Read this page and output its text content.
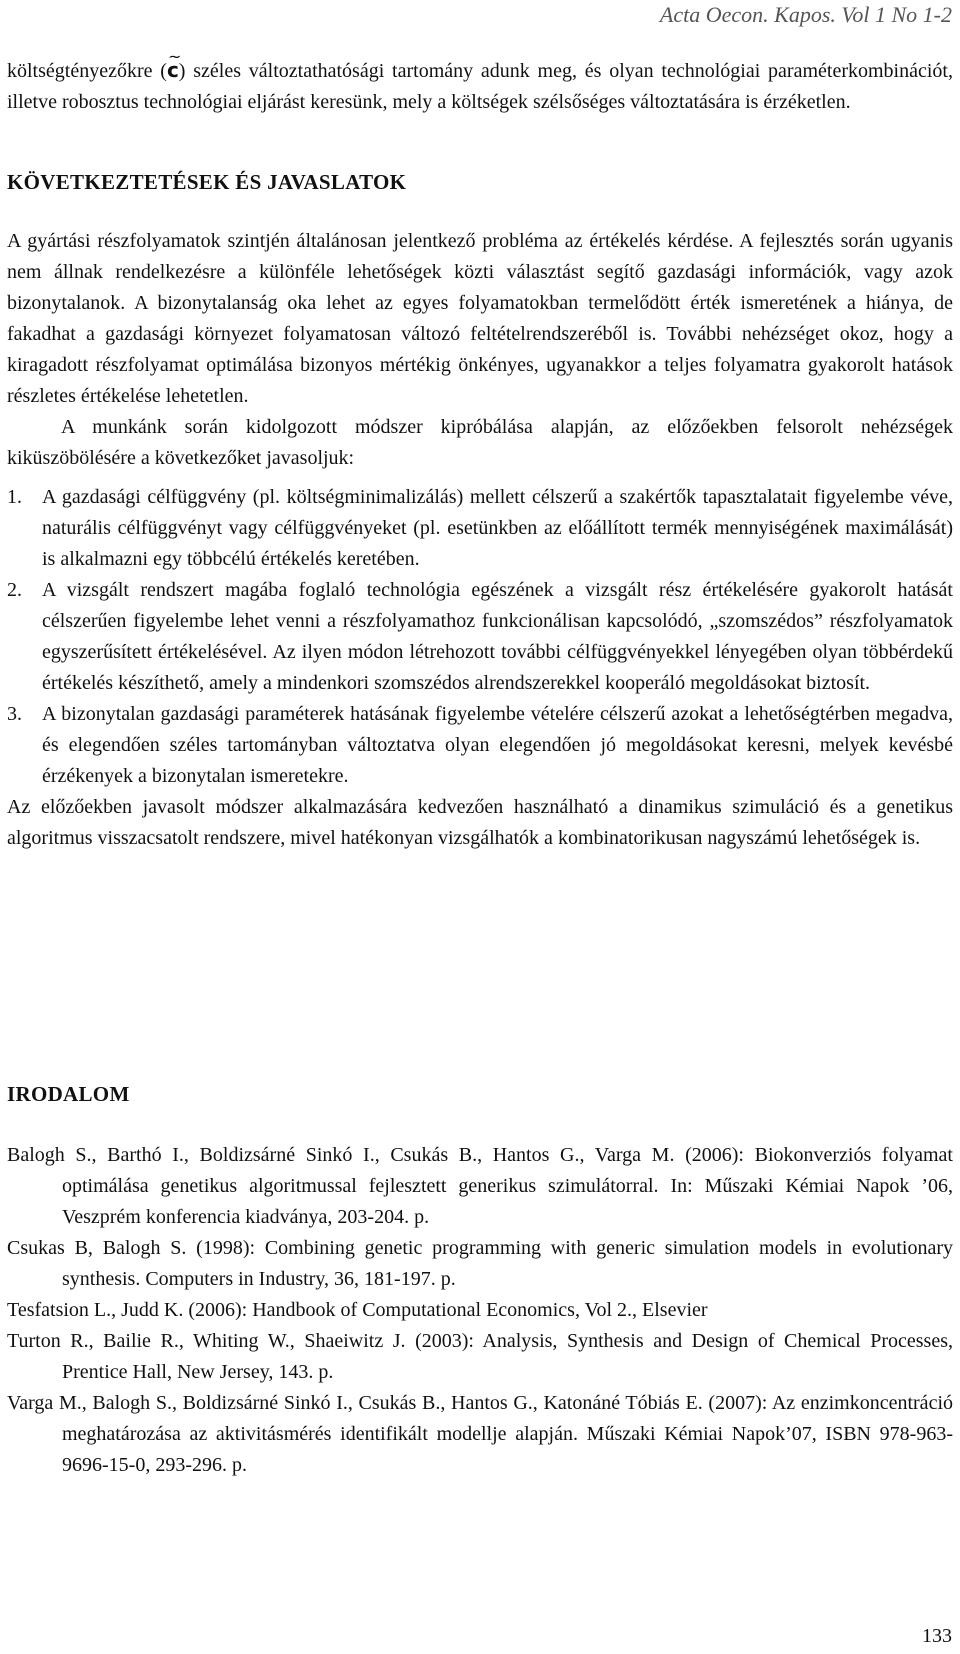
Acta Oecon. Kapos. Vol 1 No 1-2

költségtényezőkre (~ c) széles változtathatósági tartomány adunk meg, és olyan technológiai paraméterkombinációt, illetve robosztus technológiai eljárást keresünk, mely a költségek szélsőséges változtatására is érzéketlen.

KÖVETKEZTETÉSEK ÉS JAVASLATOK

A gyártási részfolyamatok szintjén általánosan jelentkező probléma az értékelés kérdése. A fejlesztés során ugyanis nem állnak rendelkezésre a különféle lehetőségek közti választást segítő gazdasági információk, vagy azok bizonytalanok. A bizonytalanság oka lehet az egyes folyamatokban termelődött érték ismeretének a hiánya, de fakadhat a gazdasági környezet folyamatosan változó feltételrendszeréből is. További nehézséget okoz, hogy a kiragadott részfolyamat optimálása bizonyos mértékig önkényes, ugyanakkor a teljes folyamatra gyakorolt hatások részletes értékelése lehetetlen.

A munkánk során kidolgozott módszer kipróbálása alapján, az előzőekben felsorolt nehézségek kiküszöbölésére a következőket javasoljuk:

1. A gazdasági célfüggvény (pl. költségminimalizálás) mellett célszerű a szakértők tapasztalatait figyelembe véve, naturális célfüggvényt vagy célfüggvényeket (pl. esetünkben az előállított termék mennyiségének maximálását) is alkalmazni egy többcélú értékelés keretében.
2. A vizsgált rendszert magába foglaló technológia egészének a vizsgált rész értékelésére gyakorolt hatását célszerűen figyelembe lehet venni a részfolyamathoz funkcionálisan kapcsolódó, „szomszédos” részfolyamatok egyszerűsített értékelésével. Az ilyen módon létrehozott további célfüggvényekkel lényegében olyan többérdekű értékelés készíthető, amely a mindenkori szomszédos alrendszerekkel kooperáló megoldásokat biztosít.
3. A bizonytalan gazdasági paraméterek hatásának figyelembe vételére célszerű azokat a lehetőségtérben megadva, és elegendően széles tartományban változtatva olyan elegendően jó megoldásokat keresni, melyek kevésbé érzékenyek a bizonytalan ismeretekre.

Az előzőekben javasolt módszer alkalmazására kedvezően használható a dinamikus szimuláció és a genetikus algoritmus visszacsatolt rendszere, mivel hatékonyan vizsgálhatók a kombinatorikusan nagyszámú lehetőségek is.

IRODALOM

Balogh S., Barthó I., Boldizsárné Sinkó I., Csukás B., Hantos G., Varga M. (2006): Biokonverziós folyamat optimálása genetikus algoritmussal fejlesztett generikus szimulátorral. In: Műszaki Kémiai Napok ’06, Veszprém konferencia kiadványa, 203-204. p.

Csukas B, Balogh S. (1998): Combining genetic programming with generic simulation models in evolutionary synthesis. Computers in Industry, 36, 181-197. p.

Tesfatsion L., Judd K. (2006): Handbook of Computational Economics, Vol 2., Elsevier

Turton R., Bailie R., Whiting W., Shaeiwitz J. (2003): Analysis, Synthesis and Design of Chemical Processes, Prentice Hall, New Jersey, 143. p.

Varga M., Balogh S., Boldizsárné Sinkó I., Csukás B., Hantos G., Katonáné Tóbiás E. (2007): Az enzimkoncentráció meghatározása az aktivitásmérés identifikált modellje alapján. Műszaki Kémiai Napok’07, ISBN 978-963-9696-15-0, 293-296. p.

133
